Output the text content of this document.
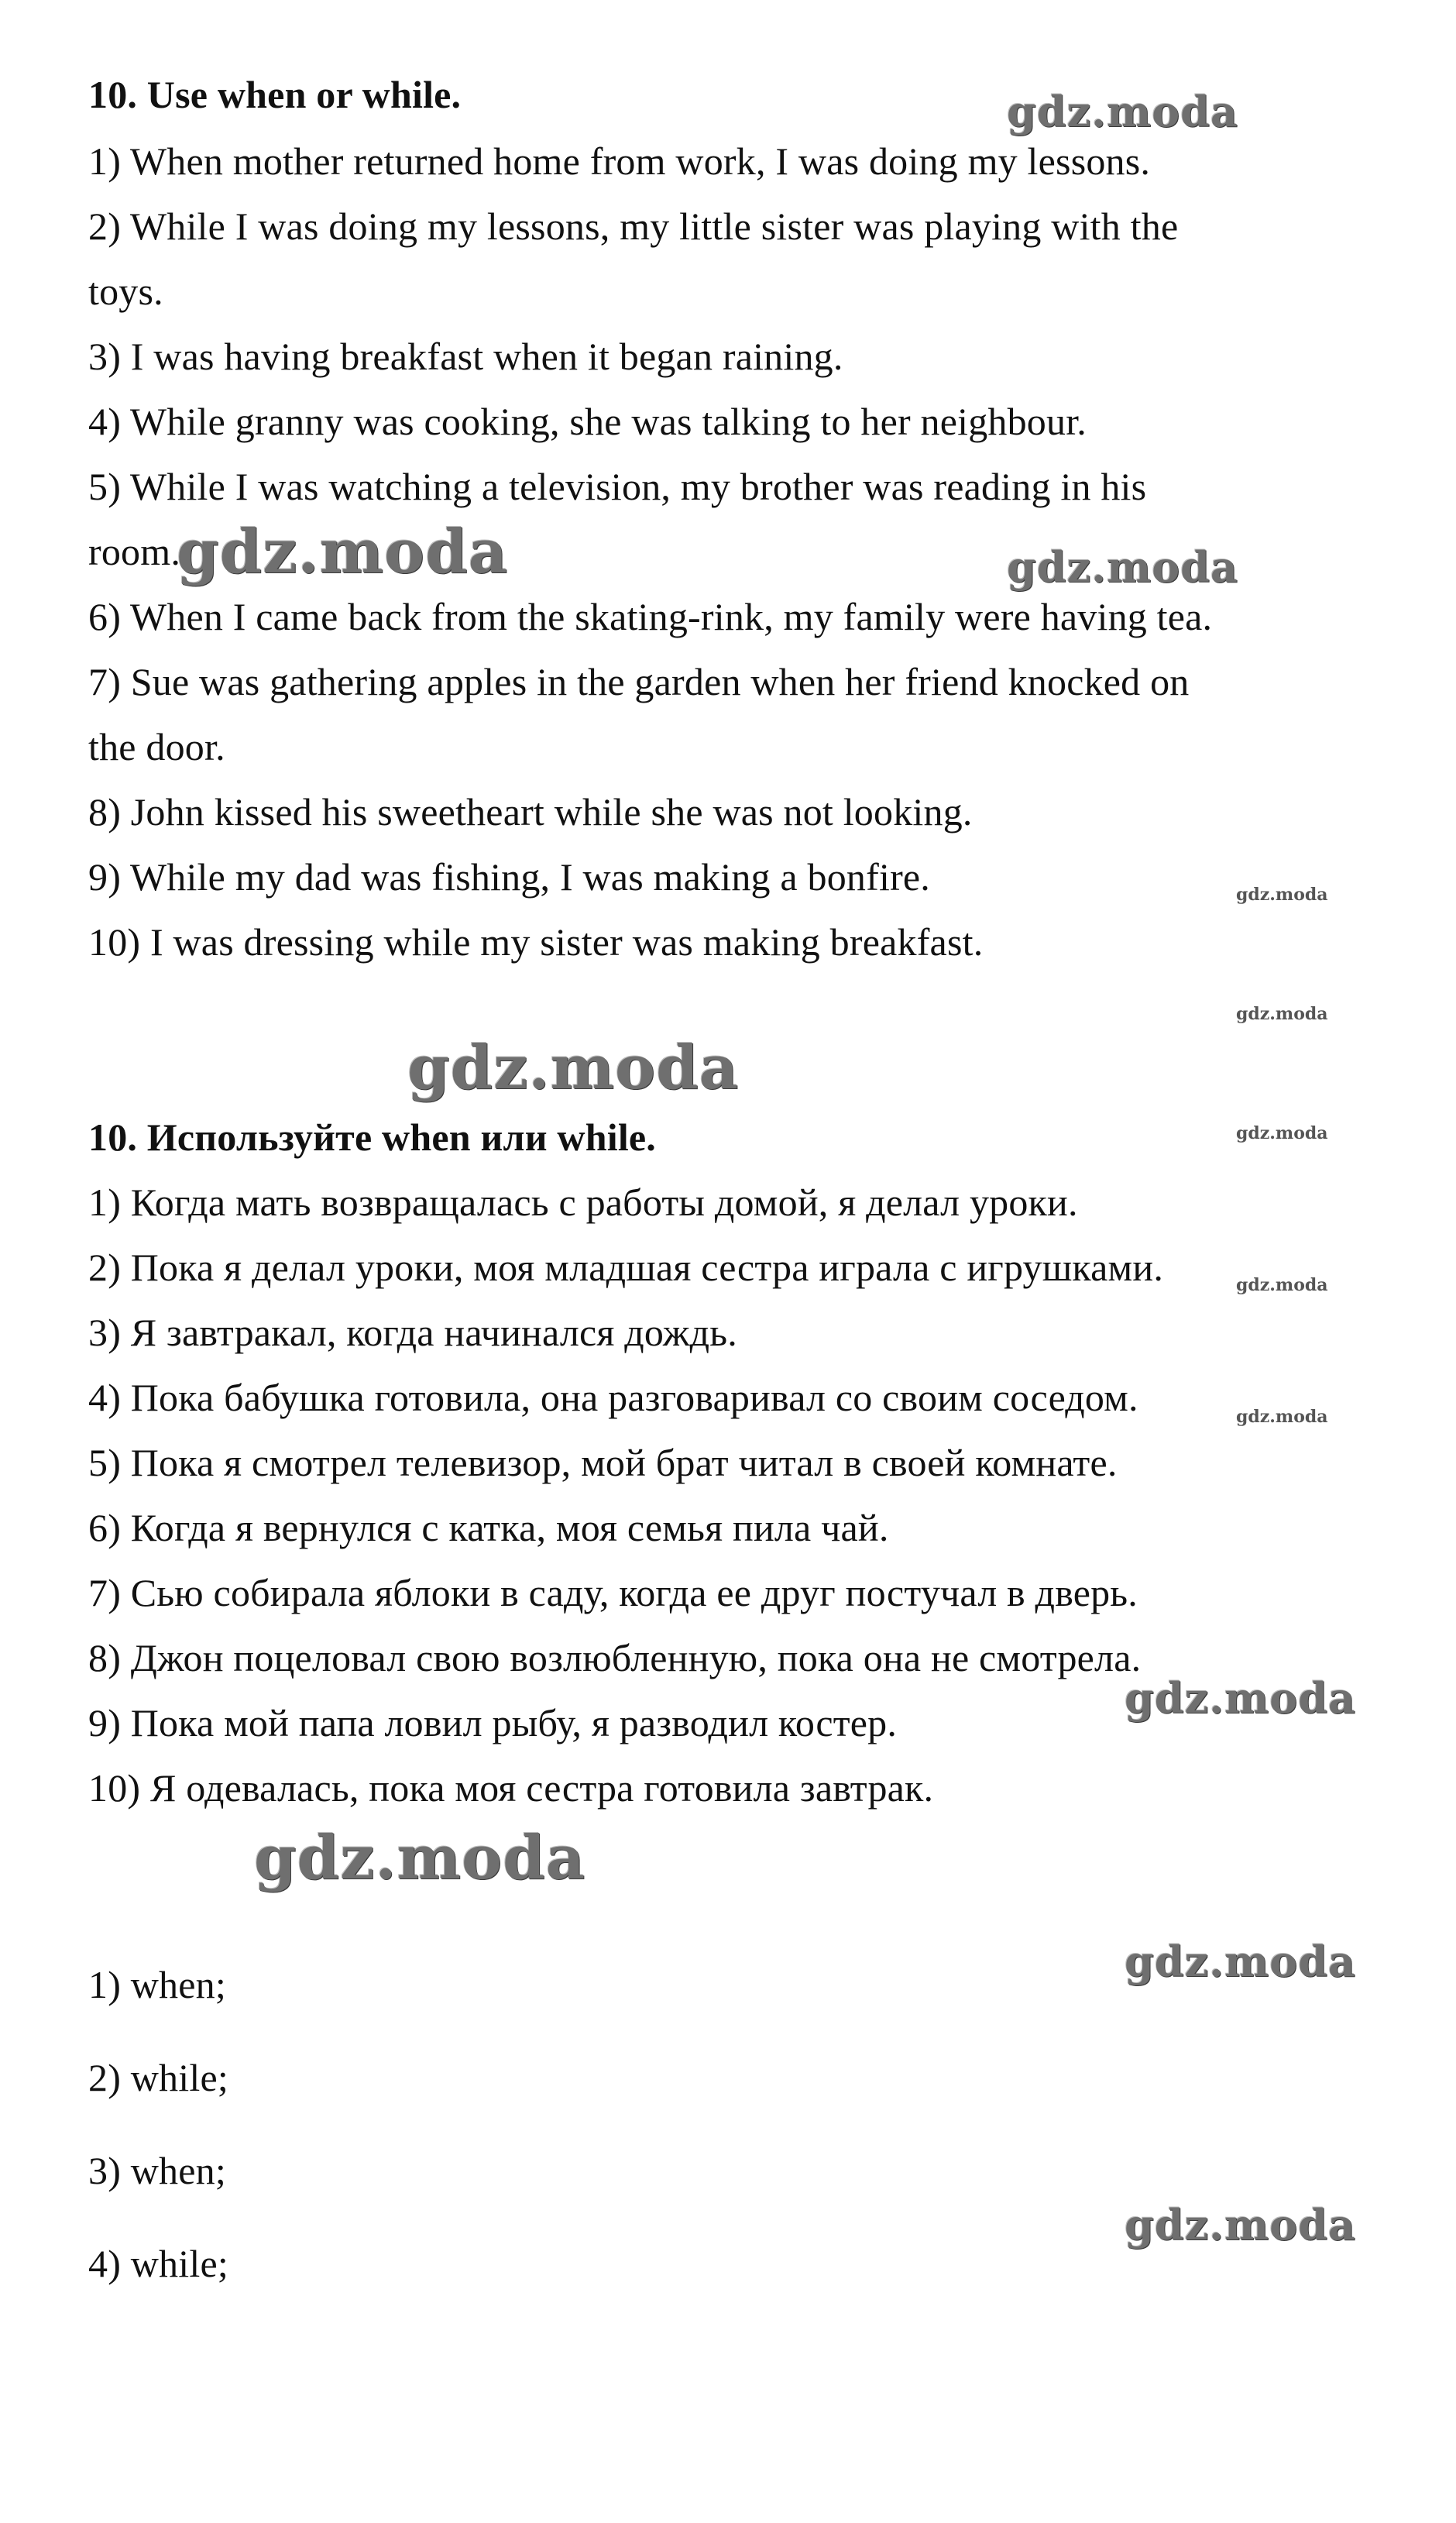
10. Use when or while.
1) When mother returned home from work, I was doing my lessons.
2) While I was doing my lessons, my little sister was playing with the
toys.
3) I was having breakfast when it began raining.
4) While granny was cooking, she was talking to her neighbour.
5) While I was watching a television, my brother was reading in his
room.
6) When I came back from the skating-rink, my family were having tea.
7) Sue was gathering apples in the garden when her friend knocked on
the door.
8) John kissed his sweetheart while she was not looking.
9) While my dad was fishing, I was making a bonfire.
10) I was dressing while my sister was making breakfast.
10. Используйте when или while.
1) Когда мать возвращалась с работы домой, я делал уроки.
2) Пока я делал уроки, моя младшая сестра играла с игрушками.
3) Я завтракал, когда начинался дождь.
4) Пока бабушка готовила, она разговаривал со своим соседом.
5) Пока я смотрел телевизор, мой брат читал в своей комнате.
6) Когда я вернулся с катка, моя семья пила чай.
7) Сью собирала яблоки в саду, когда ее друг постучал в дверь.
8) Джон поцеловал свою возлюбленную, пока она не смотрела.
9) Пока мой папа ловил рыбу, я разводил костер.
10) Я одевалась, пока моя сестра готовила завтрак.
1) when;
2) while;
3) when;
4) while;
gdz.moda
gdz.moda	gdz.moda
gdz.moda
gdz.moda
gdz.moda
gdz.moda
gdz.moda
gdz.moda
gdz.moda
gdz.moda
gdz.moda
gdz.moda
